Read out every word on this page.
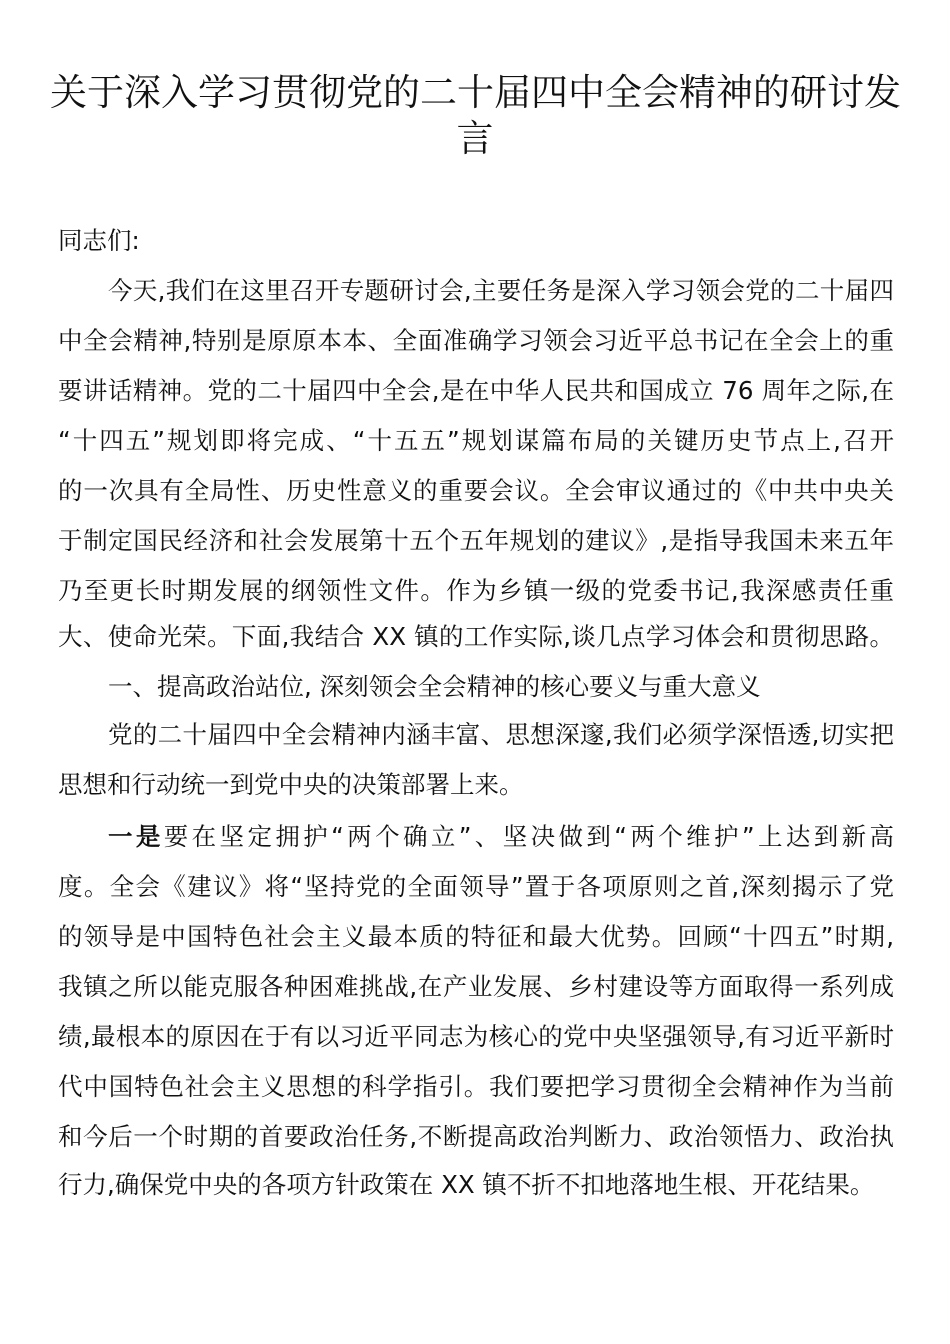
关于深入学习贯彻党的二十届四中全会精神的研讨发
言
同志们:
今天,我们在这里召开专题研讨会,主要任务是深入学习领会党的二十届四
中全会精神,特别是原原本本、全面准确学习领会习近平总书记在全会上的重
要讲话精神。党的二十届四中全会,是在中华人民共和国成立 76 周年之际,在
“十四五”规划即将完成、“十五五”规划谋篇布局的关键历史节点上,召开
的一次具有全局性、历史性意义的重要会议。全会审议通过的《中共中央关
于制定国民经济和社会发展第十五个五年规划的建议》,是指导我国未来五年
乃至更长时期发展的纲领性文件。作为乡镇一级的党委书记,我深感责任重
大、使命光荣。下面,我结合 XX 镇的工作实际,谈几点学习体会和贯彻思路。
一、提高政治站位, 深刻领会全会精神的核心要义与重大意义
党的二十届四中全会精神内涵丰富、思想深邃,我们必须学深悟透,切实把
思想和行动统一到党中央的决策部署上来。
一是要在坚定拥护“两个确立”、坚决做到“两个维护”上达到新高
度。全会《建议》将“坚持党的全面领导”置于各项原则之首,深刻揭示了党
的领导是中国特色社会主义最本质的特征和最大优势。回顾“十四五”时期,
我镇之所以能克服各种困难挑战,在产业发展、乡村建设等方面取得一系列成
绩,最根本的原因在于有以习近平同志为核心的党中央坚强领导,有习近平新时
代中国特色社会主义思想的科学指引。我们要把学习贯彻全会精神作为当前
和今后一个时期的首要政治任务,不断提高政治判断力、政治领悟力、政治执
行力,确保党中央的各项方针政策在 XX 镇不折不扣地落地生根、开花结果。
